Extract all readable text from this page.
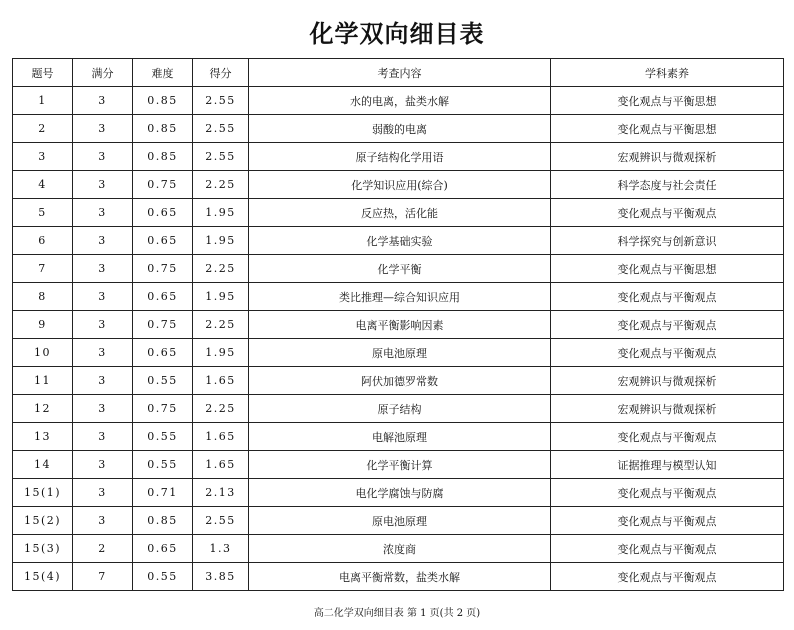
化学双向细目表
题号	满分	难度	得分	考查内容	学科素养
1	3	0.85	2.55	水的电离，盐类水解	变化观点与平衡思想
2	3	0.85	2.55	弱酸的电离	变化观点与平衡思想
3	3	0.85	2.55	原子结构化学用语	宏观辨识与微观探析
4	3	0.75	2.25	化学知识应用(综合)	科学态度与社会责任
5	3	0.65	1.95	反应热，活化能	变化观点与平衡观点
6	3	0.65	1.95	化学基础实验	科学探究与创新意识
7	3	0.75	2.25	化学平衡	变化观点与平衡思想
8	3	0.65	1.95	类比推理—综合知识应用	变化观点与平衡观点
9	3	0.75	2.25	电离平衡影响因素	变化观点与平衡观点
10	3	0.65	1.95	原电池原理	变化观点与平衡观点
11	3	0.55	1.65	阿伏加德罗常数	宏观辨识与微观探析
12	3	0.75	2.25	原子结构	宏观辨识与微观探析
13	3	0.55	1.65	电解池原理	变化观点与平衡观点
14	3	0.55	1.65	化学平衡计算	证据推理与模型认知
15(1)	3	0.71	2.13	电化学腐蚀与防腐	变化观点与平衡观点
15(2)	3	0.85	2.55	原电池原理	变化观点与平衡观点
15(3)	2	0.65	1.3	浓度商	变化观点与平衡观点
15(4)	7	0.55	3.85	电离平衡常数，盐类水解	变化观点与平衡观点
高二化学双向细目表 第 1 页(共 2 页)
